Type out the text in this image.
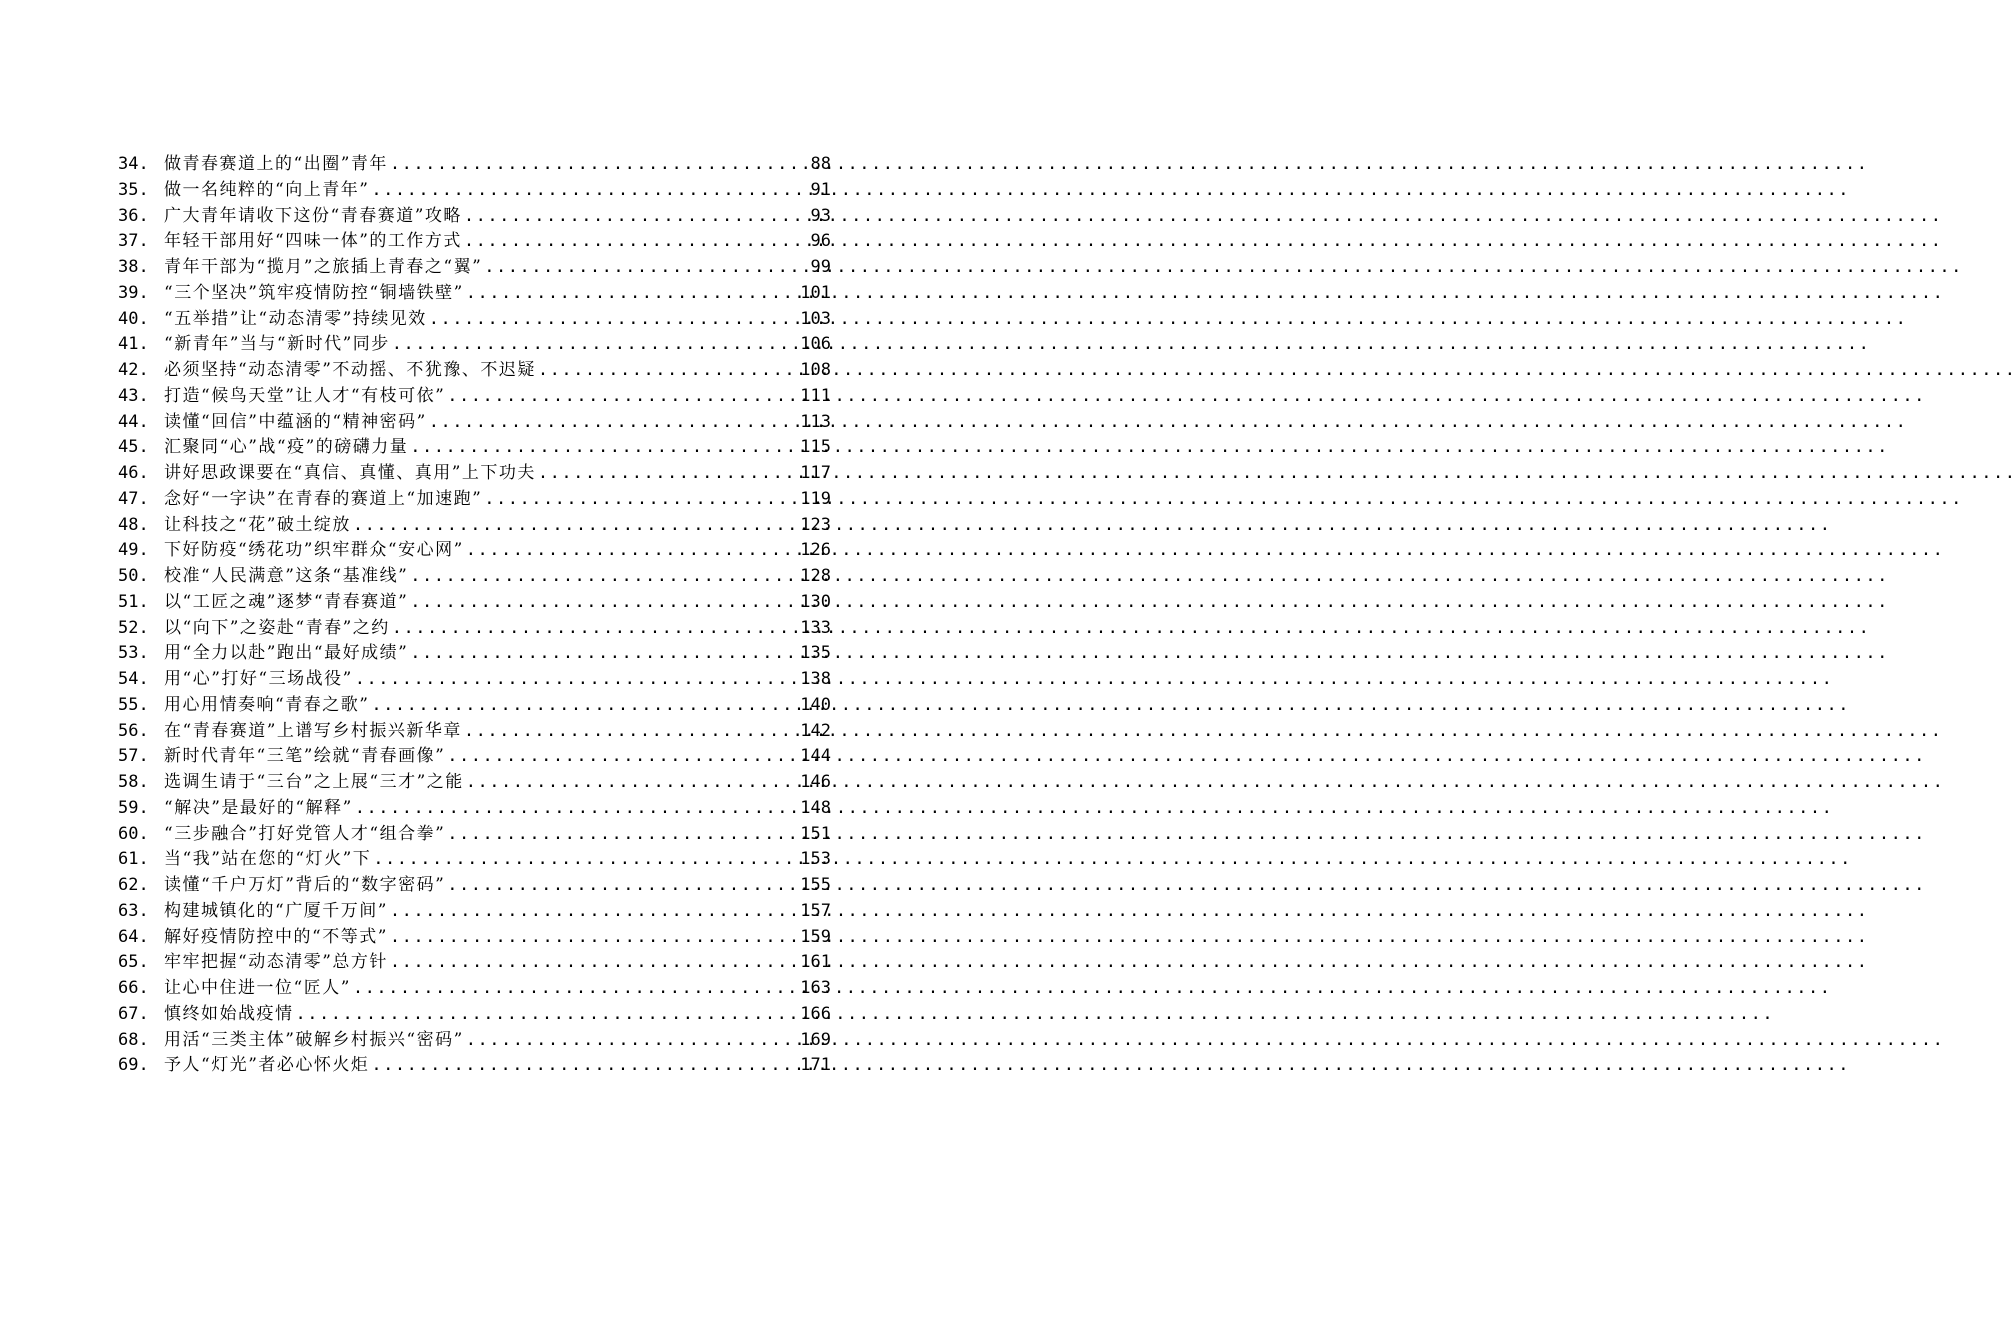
34. 做青春赛道上的“出圈”青年 .....	88
35. 做一名纯粹的“向上青年” .....	91
36. 广大青年请收下这份“青春赛道”攻略 .....	93
37. 年轻干部用好“四味一体”的工作方式 .....	96
38. 青年干部为“揽月”之旅插上青春之“翼” .....	99
39. “三个坚决”筑牢疫情防控“铜墙铁壁” .....	101
40. “五举措”让“动态清零”持续见效 .....	103
41. “新青年”当与“新时代”同步 .....	106
42. 必须坚持“动态清零”不动摇、不犹豫、不迟疑 .....	108
43. 打造“候鸟天堂”让人才“有枝可依” .....	111
44. 读懂“回信”中蕴涵的“精神密码” .....	113
45. 汇聚同“心”战“疫”的磅礴力量 .....	115
46. 讲好思政课要在“真信、真懂、真用”上下功夫 .....	117
47. 念好“一字诀”在青春的赛道上“加速跑” .....	119
48. 让科技之“花”破土绽放 .....	123
49. 下好防疫“绣花功”织牢群众“安心网” .....	126
50. 校准“人民满意”这条“基准线” .....	128
51. 以“工匠之魂”逐梦“青春赛道” .....	130
52. 以“向下”之姿赴“青春”之约 .....	133
53. 用“全力以赴”跑出“最好成绩” .....	135
54. 用“心”打好“三场战役” .....	138
55. 用心用情奏响“青春之歌” .....	140
56. 在“青春赛道”上谱写乡村振兴新华章 .....	142
57. 新时代青年“三笔”绘就“青春画像” .....	144
58. 选调生请于“三台”之上展“三才”之能 .....	146
59. “解决”是最好的“解释” .....	148
60. “三步融合”打好党管人才“组合拳” .....	151
61. 当“我”站在您的“灯火”下 .....	153
62. 读懂“千户万灯”背后的“数字密码” .....	155
63. 构建城镇化的“广厦千万间” .....	157
64. 解好疫情防控中的“不等式” .....	159
65. 牢牢把握“动态清零”总方针 .....	161
66. 让心中住进一位“匠人” .....	163
67. 慎终如始战疫情 .....	166
68. 用活“三类主体”破解乡村振兴“密码” .....	169
69. 予人“灯光”者必心怀火炬 .....	171
